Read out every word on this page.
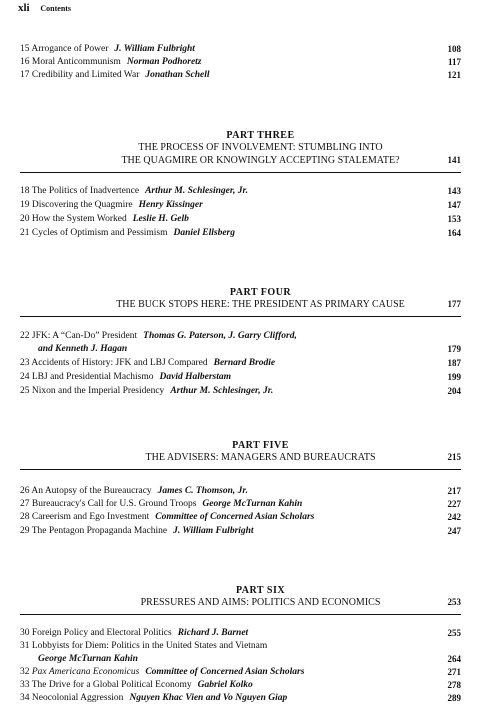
xli Contents
15 Arrogance of Power J. William Fulbright	108
16 Moral Anticommunism Norman Podhoretz	117
17 Credibility and Limited War Jonathan Schell	121
PART THREE
THE PROCESS OF INVOLVEMENT: STUMBLING INTO
THE QUAGMIRE OR KNOWINGLY ACCEPTING STALEMATE?	141
18 The Politics of Inadvertence Arthur M. Schlesinger, Jr.	143
19 Discovering the Quagmire Henry Kissinger	147
20 How the System Worked Leslie H. Gelb	153
21 Cycles of Optimism and Pessimism Daniel Ellsberg	164
PART FOUR
THE BUCK STOPS HERE: THE PRESIDENT AS PRIMARY CAUSE	177
22 JFK: A “Can-Do” President Thomas G. Paterson, J. Garry Clifford,
and Kenneth J. Hagan	179
23 Accidents of History: JFK and LBJ Compared Bernard Brodie	187
24 LBJ and Presidential Machismo David Halberstam	199
25 Nixon and the Imperial Presidency Arthur M. Schlesinger, Jr.	204
PART FIVE
THE ADVISERS: MANAGERS AND BUREAUCRATS	215
26 An Autopsy of the Bureaucracy James C. Thomson, Jr.	217
27 Bureaucracy's Call for U.S. Ground Troops George McTurnan Kahin	227
28 Careerism and Ego Investment Committee of Concerned Asian Scholars	242
29 The Pentagon Propaganda Machine J. William Fulbright	247
PART SIX
PRESSURES AND AIMS: POLITICS AND ECONOMICS	253
30 Foreign Policy and Electoral Politics Richard J. Barnet	255
31 Lobbyists for Diem: Politics in the United States and Vietnam
George McTurnan Kahin	264
32 Pax Americana Economicus Committee of Concerned Asian Scholars	271
33 The Drive for a Global Political Economy Gabriel Kolko	278
34 Neocolonial Aggression Nguyen Khac Vien and Vo Nguyen Giap	289
